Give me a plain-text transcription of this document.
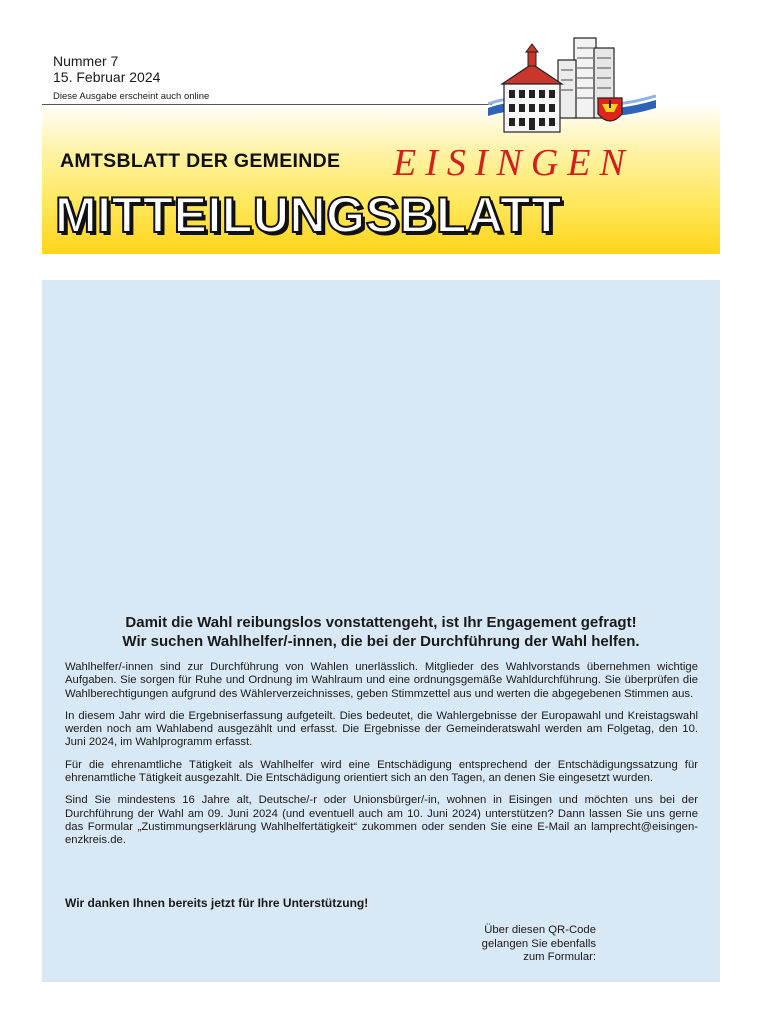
Nummer 7
15. Februar 2024
Diese Ausgabe erscheint auch online
AMTSBLATT DER GEMEINDE EISINGEN
MITTEILUNGSBLATT
Damit die Wahl reibungslos vonstattengeht, ist Ihr Engagement gefragt!
Wir suchen Wahlhelfer/-innen, die bei der Durchführung der Wahl helfen.

Wahlhelfer/-innen sind zur Durchführung von Wahlen unerlässlich. Mitglieder des Wahlvorstands übernehmen wichtige Aufgaben. Sie sorgen für Ruhe und Ordnung im Wahlraum und eine ordnungsgemäße Wahldurchführung. Sie überprüfen die Wahlberechtigungen aufgrund des Wählerverzeichnisses, geben Stimmzettel aus und werten die abgegebenen Stimmen aus.

In diesem Jahr wird die Ergebniserfassung aufgeteilt. Dies bedeutet, die Wahlergebnisse der Europawahl und Kreistagswahl werden noch am Wahlabend ausgezählt und erfasst. Die Ergebnisse der Gemeinderatswahl werden am Folgetag, den 10. Juni 2024, im Wahlprogramm erfasst.

Für die ehrenamtliche Tätigkeit als Wahlhelfer wird eine Entschädigung entsprechend der Entschädigungssatzung für ehrenamtliche Tätigkeit ausgezahlt. Die Entschädigung orientiert sich an den Tagen, an denen Sie eingesetzt wurden.

Sind Sie mindestens 16 Jahre alt, Deutsche/-r oder Unionsbürger/-in, wohnen in Eisingen und möchten uns bei der Durchführung der Wahl am 09. Juni 2024 (und eventuell auch am 10. Juni 2024) unterstützen? Dann lassen Sie uns gerne das Formular „Zustimmungserklärung Wahlhelfertätigkeit“ zukommen oder senden Sie eine E-Mail an lamprecht@eisingen-enzkreis.de.

Wir danken Ihnen bereits jetzt für Ihre Unterstützung!
Über diesen QR-Code
gelangen Sie ebenfalls
zum Formular:
